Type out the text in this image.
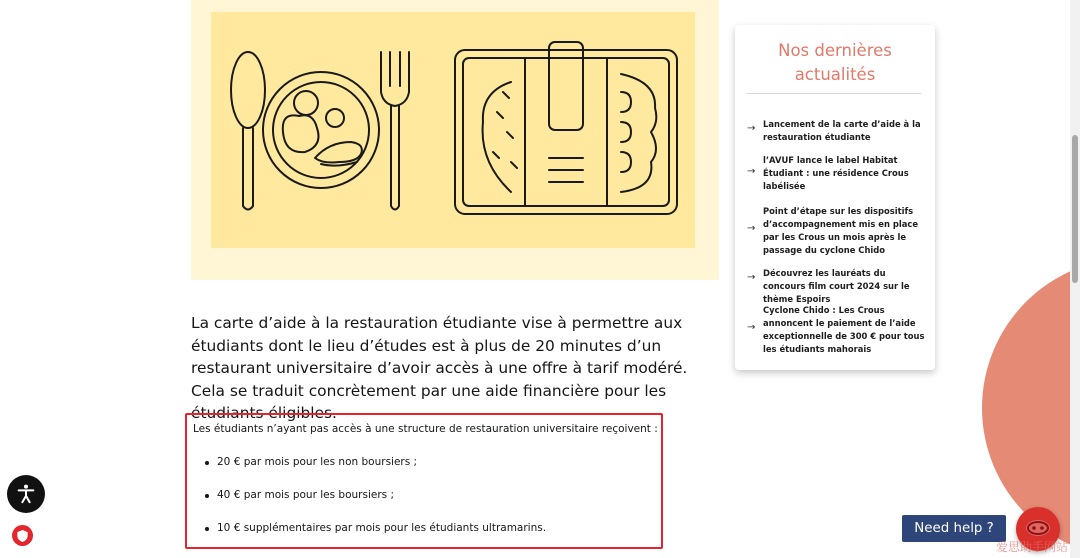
La carte d’aide à la restauration étudiante vise à permettre aux étudiants dont le lieu d’études est à plus de 20 minutes d’un restaurant universitaire d’avoir accès à une offre à tarif modéré. Cela se traduit concrètement par une aide financière pour les étudiants éligibles.

Les étudiants n’ayant pas accès à une structure de restauration universitaire reçoivent :
20 € par mois pour les non boursiers ;
40 € par mois pour les boursiers ;
10 € supplémentaires par mois pour les étudiants ultramarins.
Nos dernières
actualités
→ Lancement de la carte d’aide à la restauration étudiante
→
l’AVUF lance le label Habitat Étudiant : une résidence Crous labélisée
→
Point d’étape sur les dispositifs d’accompagnement mis en place par les Crous un mois après le passage du cyclone Chido
→ Découvrez les lauréats du concours film court 2024 sur le thème Espoirs
→
Cyclone Chido : Les Crous annoncent le paiement de l’aide exceptionnelle de 300 € pour tous les étudiants mahorais
Need help ?
爱思助手网站
